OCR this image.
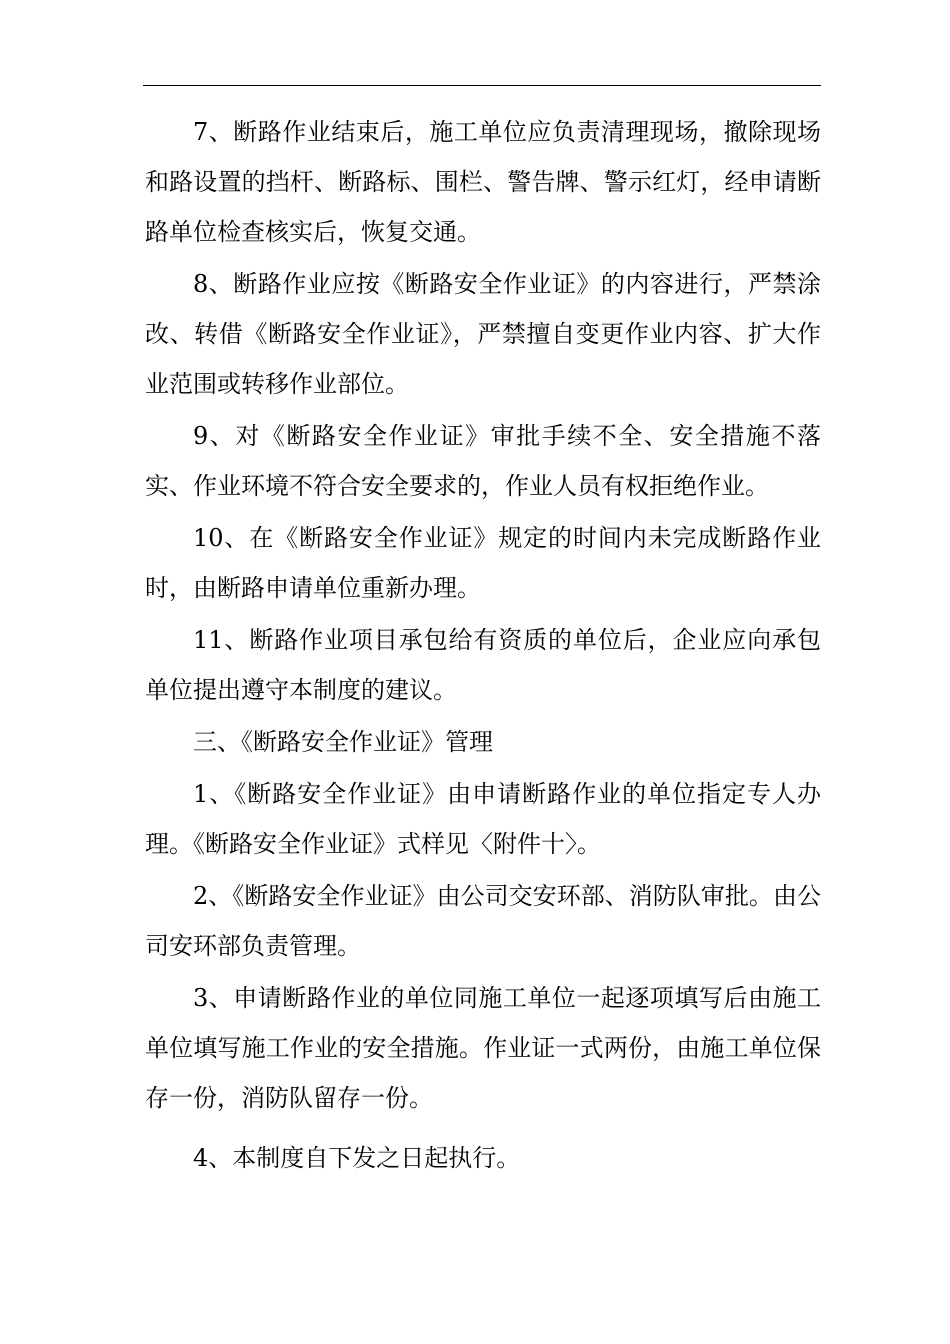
7、断路作业结束后，施工单位应负责清理现场，撤除现场和路设置的挡杆、断路标、围栏、警告牌、警示红灯，经申请断路单位检查核实后，恢复交通。

8、断路作业应按《断路安全作业证》的内容进行，严禁涂改、转借《断路安全作业证》，严禁擅自变更作业内容、扩大作业范围或转移作业部位。

9、对《断路安全作业证》审批手续不全、安全措施不落实、作业环境不符合安全要求的，作业人员有权拒绝作业。

10、在《断路安全作业证》规定的时间内未完成断路作业时，由断路申请单位重新办理。

11、断路作业项目承包给有资质的单位后，企业应向承包单位提出遵守本制度的建议。

三、《断路安全作业证》管理

1、《断路安全作业证》由申请断路作业的单位指定专人办理。《断路安全作业证》式样见〈附件十〉。

2、《断路安全作业证》由公司交安环部、消防队审批。由公司安环部负责管理。

3、申请断路作业的单位同施工单位一起逐项填写后由施工单位填写施工作业的安全措施。作业证一式两份，由施工单位保存一份，消防队留存一份。

4、本制度自下发之日起执行。
